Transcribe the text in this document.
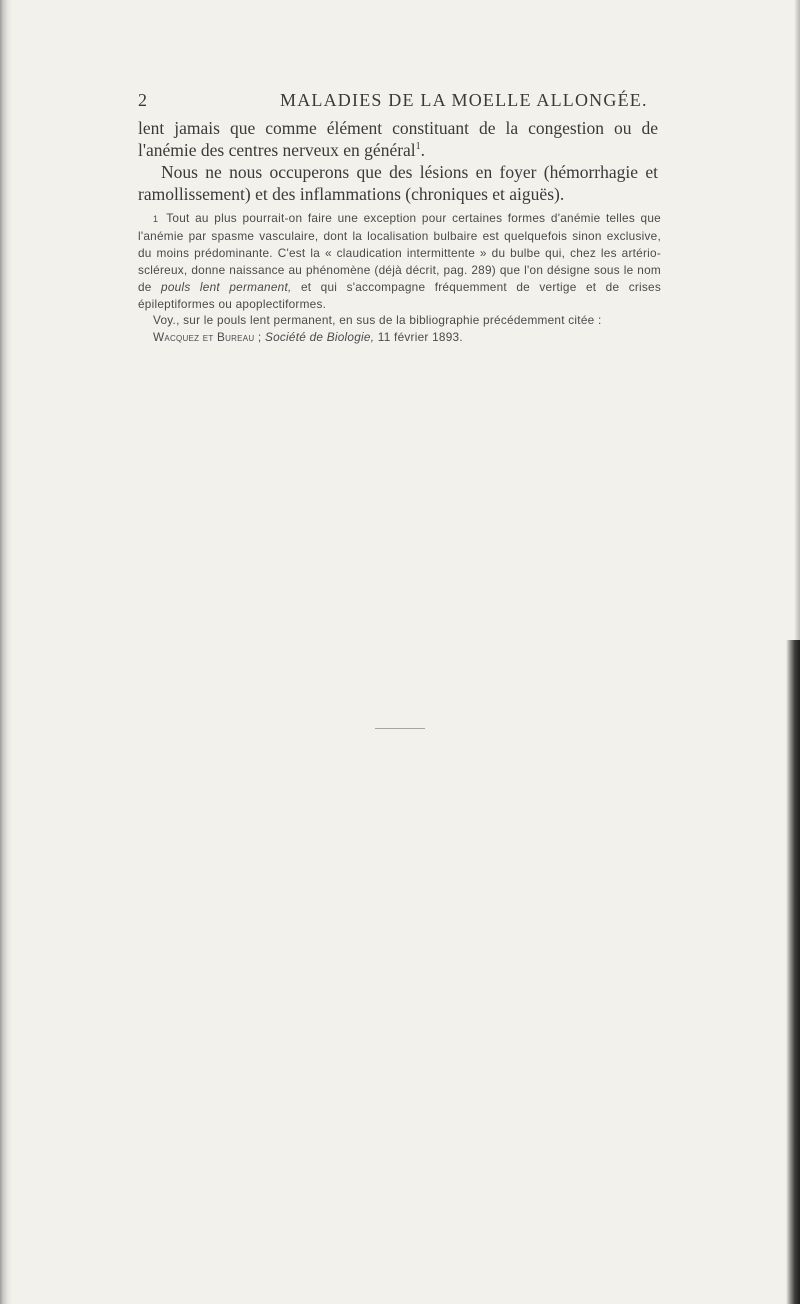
2	MALADIES DE LA MOELLE ALLONGÉE.

lent jamais que comme élément constituant de la congestion ou de l'anémie des centres nerveux en général$^1$.

Nous ne nous occuperons que des lésions en foyer (hémorrhagie et ramollissement) et des inflammations (chroniques et aiguës).

1 Tout au plus pourrait-on faire une exception pour certaines formes d'anémie telles que l'anémie par spasme vasculaire, dont la localisation bulbaire est quelquefois sinon exclusive, du moins prédominante. C'est la « claudication intermittente » du bulbe qui, chez les artério-scléreux, donne naissance au phénomène (déjà décrit, pag. 289) que l'on désigne sous le nom de pouls lent permanent, et qui s'accompagne fréquemment de vertige et de crises épileptiformes ou apoplectiformes.

Voy., sur le pouls lent permanent, en sus de la bibliographie précédemment citée :

Wacquez et Bureau ; Société de Biologie, 11 février 1893.
